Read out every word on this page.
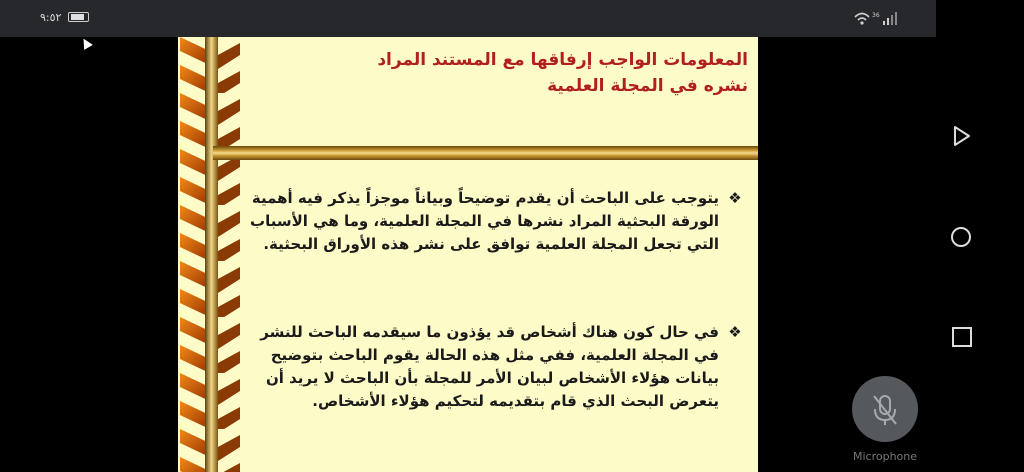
٩:٥٢	36
المعلومات الواجب إرفاقها مع المستند المراد نشره في المجلة العلمية
❖
يتوجب على الباحث أن يقدم توضيحاً وبياناً موجزاً يذكر فيه أهمية الورقة البحثية المراد نشرها في المجلة العلمية، وما هي الأسباب التي تجعل المجلة العلمية توافق على نشر هذه الأوراق البحثية.
❖
في حال كون هناك أشخاص قد يؤذون ما سيقدمه الباحث للنشر في المجلة العلمية، ففي مثل هذه الحالة يقوم الباحث بتوضيح بيانات هؤلاء الأشخاص لبيان الأمر للمجلة بأن الباحث لا يريد أن يتعرض البحث الذي قام بتقديمه لتحكيم هؤلاء الأشخاص.
Microphone
